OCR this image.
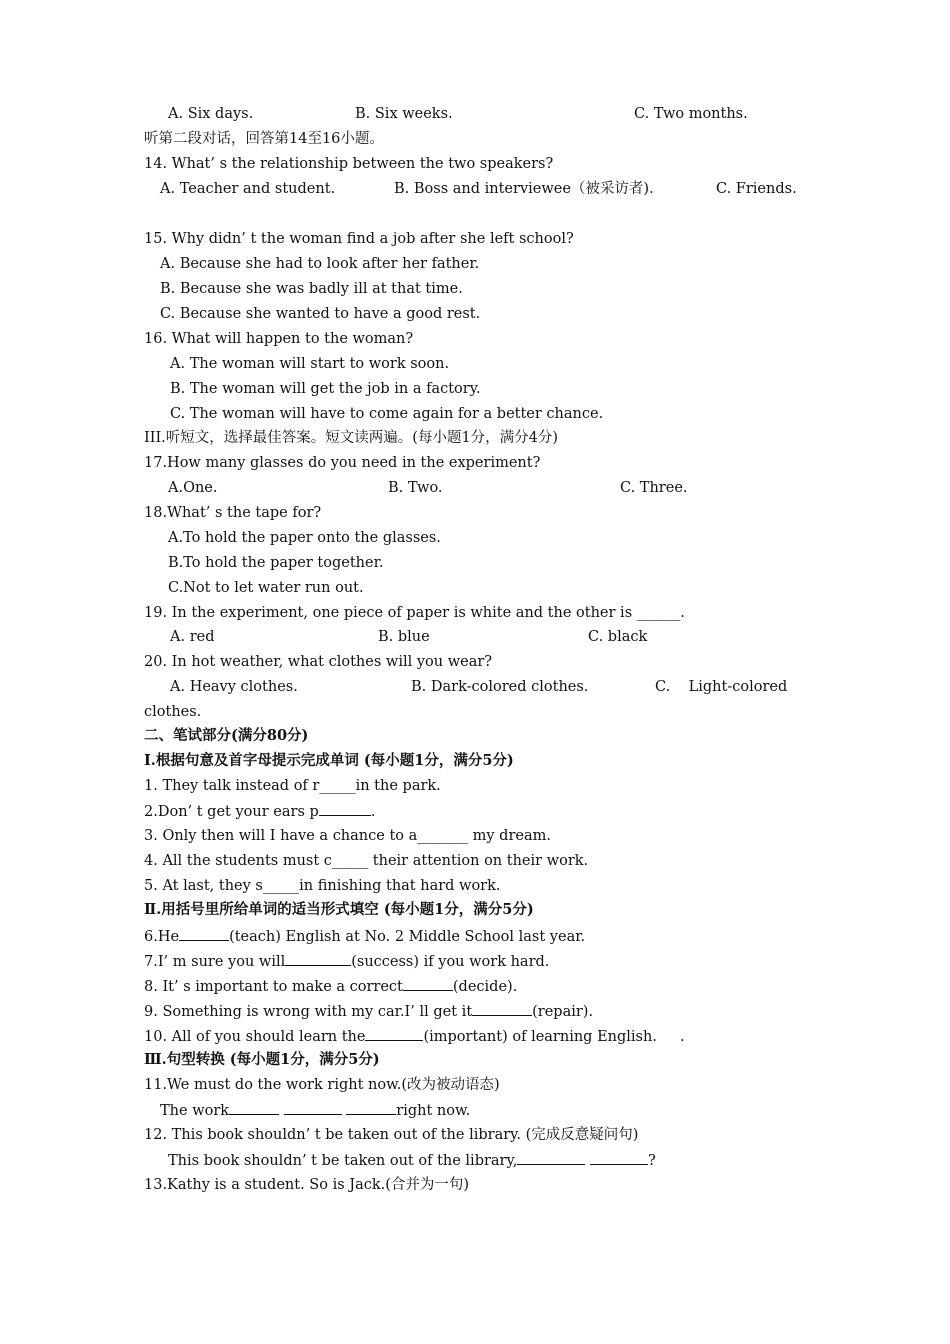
A. Six days.	B. Six weeks.	C. Two months.
听第二段对话，回答第14至16小题。
14. What’ s the relationship between the two speakers?
A. Teacher and student.	B. Boss and interviewee（被采访者).	C. Friends.
15. Why didn’ t the woman find a job after she left school?
A. Because she had to look after her father.
B. Because she was badly ill at that time.
C. Because she wanted to have a good rest.
16. What will happen to the woman?
A. The woman will start to work soon.
B. The woman will get the job in a factory.
C. The woman will have to come again for a better chance.
III.听短文，选择最佳答案。短文读两遍。(每小题1分，满分4分)
17.How many glasses do you need in the experiment?
A.One.	B. Two.	C. Three.
18.What’ s the tape for?
A.To hold the paper onto the glasses.
B.To hold the paper together.
C.Not to let water run out.
19. In the experiment, one piece of paper is white and the other is ______.
A. red	B. blue	C. black
20. In hot weather, what clothes will you wear?
A. Heavy clothes.	B. Dark-colored clothes.	C.    Light-colored
clothes.
二、笔试部分(满分80分)
Ⅰ.根据句意及首字母提示完成单词 (每小题1分，满分5分)
1. They talk instead of r_____in the park.
2.Don’ t get your ears p	.
3. Only then will I have a chance to a_______ my dream.
4. All the students must c_____ their attention on their work.
5. At last, they s_____in finishing that hard work.
Ⅱ.用括号里所给单词的适当形式填空 (每小题1分，满分5分)
6.He	(teach) English at No. 2 Middle School last year.
7.I’ m sure you will	(success) if you work hard.
8. It’ s important to make a correct	(decide).
9. Something is wrong with my car.I’ ll get it	(repair).
10. All of you should learn the	(important) of learning English.     .
Ⅲ.句型转换 (每小题1分，满分5分)
11.We must do the work right now.(改为被动语态)
The work	right now.
12. This book shouldn’ t be taken out of the library. (完成反意疑问句)
This book shouldn’ t be taken out of the library,	?
13.Kathy is a student. So is Jack.(合并为一句)
